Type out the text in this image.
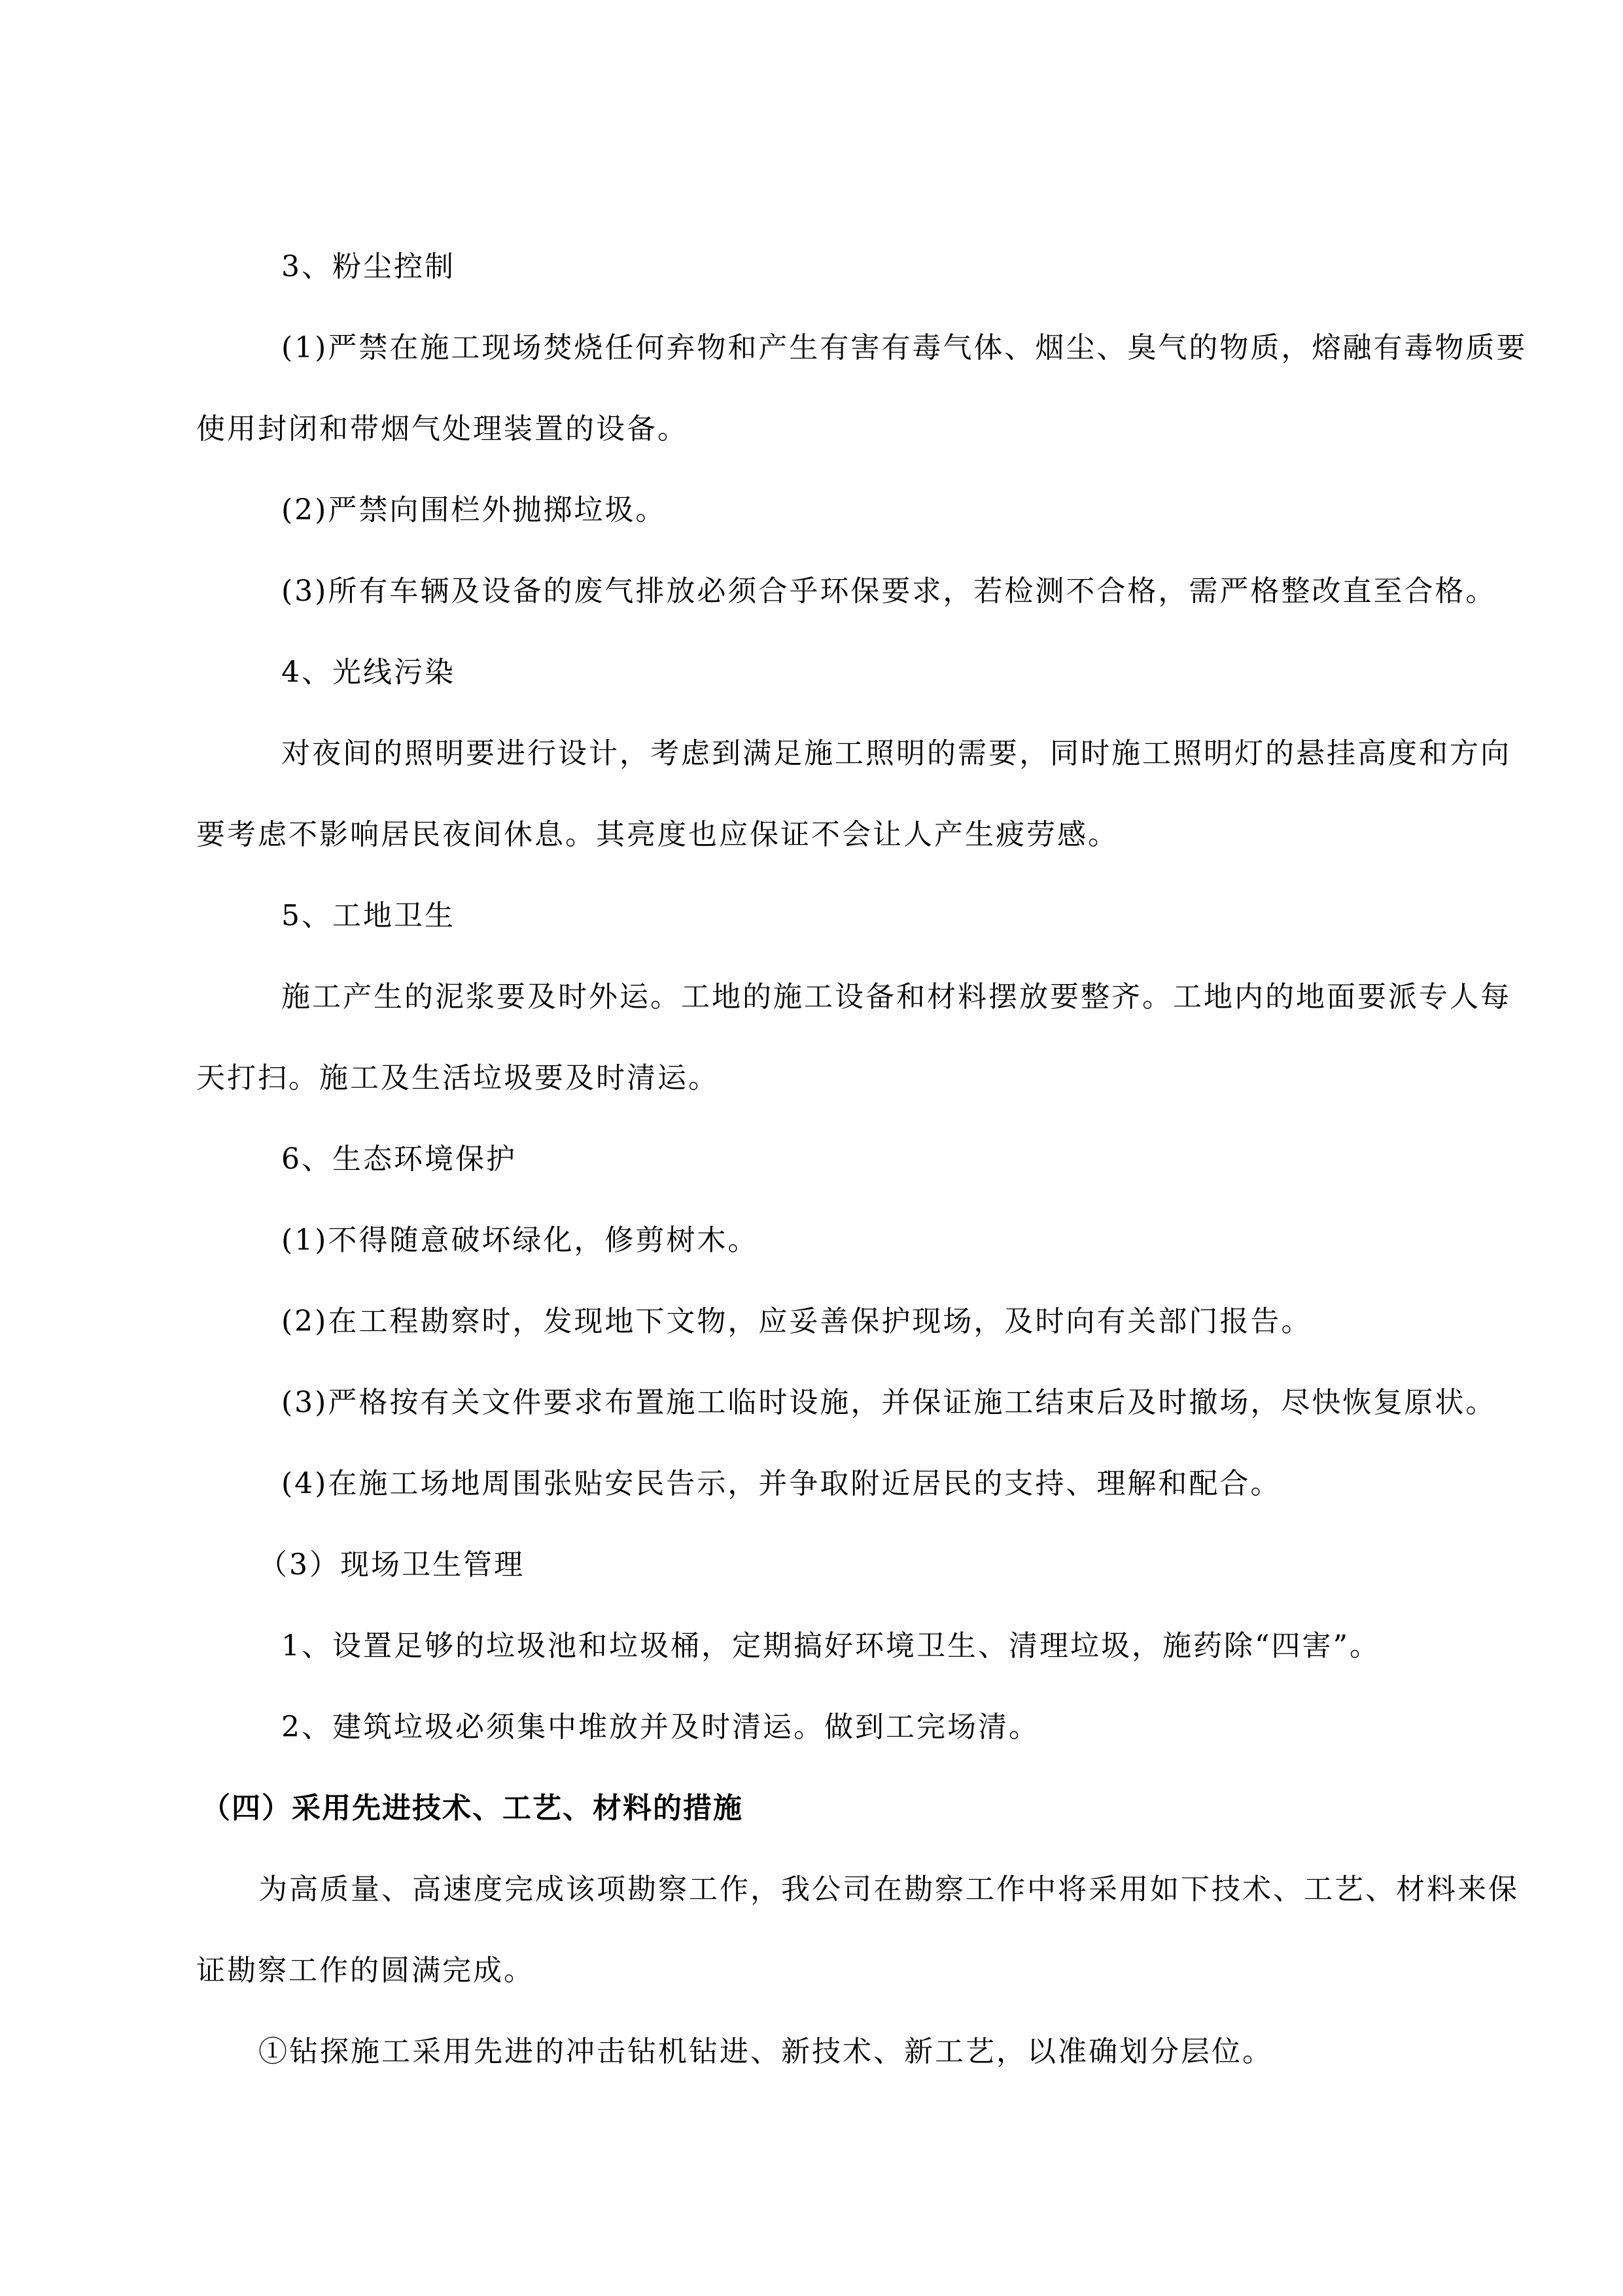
3、粉尘控制
(1)严禁在施工现场焚烧任何弃物和产生有害有毒气体、烟尘、臭气的物质，熔融有毒物质要
使用封闭和带烟气处理装置的设备。
(2)严禁向围栏外抛掷垃圾。
(3)所有车辆及设备的废气排放必须合乎环保要求，若检测不合格，需严格整改直至合格。
4、光线污染
对夜间的照明要进行设计，考虑到满足施工照明的需要，同时施工照明灯的悬挂高度和方向
要考虑不影响居民夜间休息。其亮度也应保证不会让人产生疲劳感。
5、工地卫生
施工产生的泥浆要及时外运。工地的施工设备和材料摆放要整齐。工地内的地面要派专人每
天打扫。施工及生活垃圾要及时清运。
6、生态环境保护
(1)不得随意破坏绿化，修剪树木。
(2)在工程勘察时，发现地下文物，应妥善保护现场，及时向有关部门报告。
(3)严格按有关文件要求布置施工临时设施，并保证施工结束后及时撤场，尽快恢复原状。
(4)在施工场地周围张贴安民告示，并争取附近居民的支持、理解和配合。
（3）现场卫生管理
1、设置足够的垃圾池和垃圾桶，定期搞好环境卫生、清理垃圾，施药除“四害”。
2、建筑垃圾必须集中堆放并及时清运。做到工完场清。
（四）采用先进技术、工艺、材料的措施
为高质量、高速度完成该项勘察工作，我公司在勘察工作中将采用如下技术、工艺、材料来保
证勘察工作的圆满完成。
①钻探施工采用先进的冲击钻机钻进、新技术、新工艺，以准确划分层位。
